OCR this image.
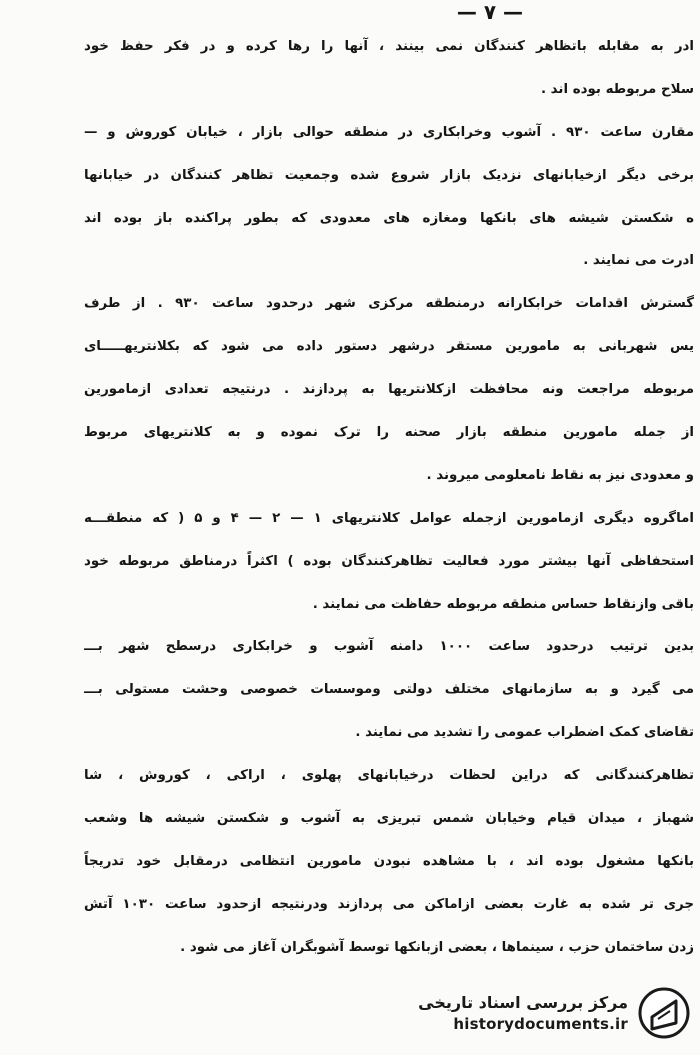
— ۷ —
ادر به مقابله باتظاهر کنندگان نمی بینند ، آنها را رها کرده و در فکر حفظ خود
سلاح مربوطه بوده اند .
مقارن ساعت ۹۳۰ . آشوب وخرابکاری در منطقه حوالی بازار ، خیابان کوروش و —
برخی دیگر ازخیابانهای نزدیک بازار شروع شده وجمعیت تظاهر کنندگان در خیابانها
ه شکستن شیشه های بانکها ومغازه های معدودی که بطور پراکنده باز بوده اند
ادرت می نمایند .
گسترش اقدامات خرابکارانه درمنطقه مرکزی شهر درحدود ساعت ۹۳۰ . از طرف
یس شهربانی به مامورین مستقر درشهر دستور داده می شود که بکلانتریهـــــای
مربوطه مراجعت ونه محافظت ازکلانتریها به پردازند . درنتیجه تعدادی ازمامورین
از جمله مامورین منطقه بازار صحنه را ترک نموده و به کلانتریهای مربوط
و معدودی نیز به نقاط نامعلومی میروند .
اماگروه دیگری ازمامورین ازجمله عوامل کلانتریهای ۱ — ۲ — ۴ و ۵ ( که منطقـــه
استحفاظی آنها بیشتر مورد فعالیت تظاهرکنندگان بوده ) اکثراً درمناطق مربوطه خود
باقی وازنقاط حساس منطقه مربوطه حفاظت می نمایند .
بدین ترتیب درحدود ساعت ۱۰۰۰ دامنه آشوب و خرابکاری درسطح شهر بـــ
می گیرد و به سازمانهای مختلف دولتی وموسسات خصوصی وحشت مستولی بـــ
تقاضای کمک اضطراب عمومی را تشدید می نمایند .
تظاهرکنندگانی که دراین لحظات درخیابانهای پهلوی ، اراکی ، کوروش ، شا
شهباز ، میدان قیام وخیابان شمس تبریزی به آشوب و شکستن شیشه ها وشعب
بانکها مشغول بوده اند ، با مشاهده نبودن مامورین انتظامی درمقابل خود تدریجاً
جری تر شده به غارت بعضی ازاماکن می پردازند ودرنتیجه ازحدود ساعت ۱۰۳۰ آتش
زدن ساختمان حزب ، سینماها ، بعضی ازبانکها توسط آشوبگران آغاز می شود .
مرکز بررسی اسناد تاریخی
historydocuments.ir
